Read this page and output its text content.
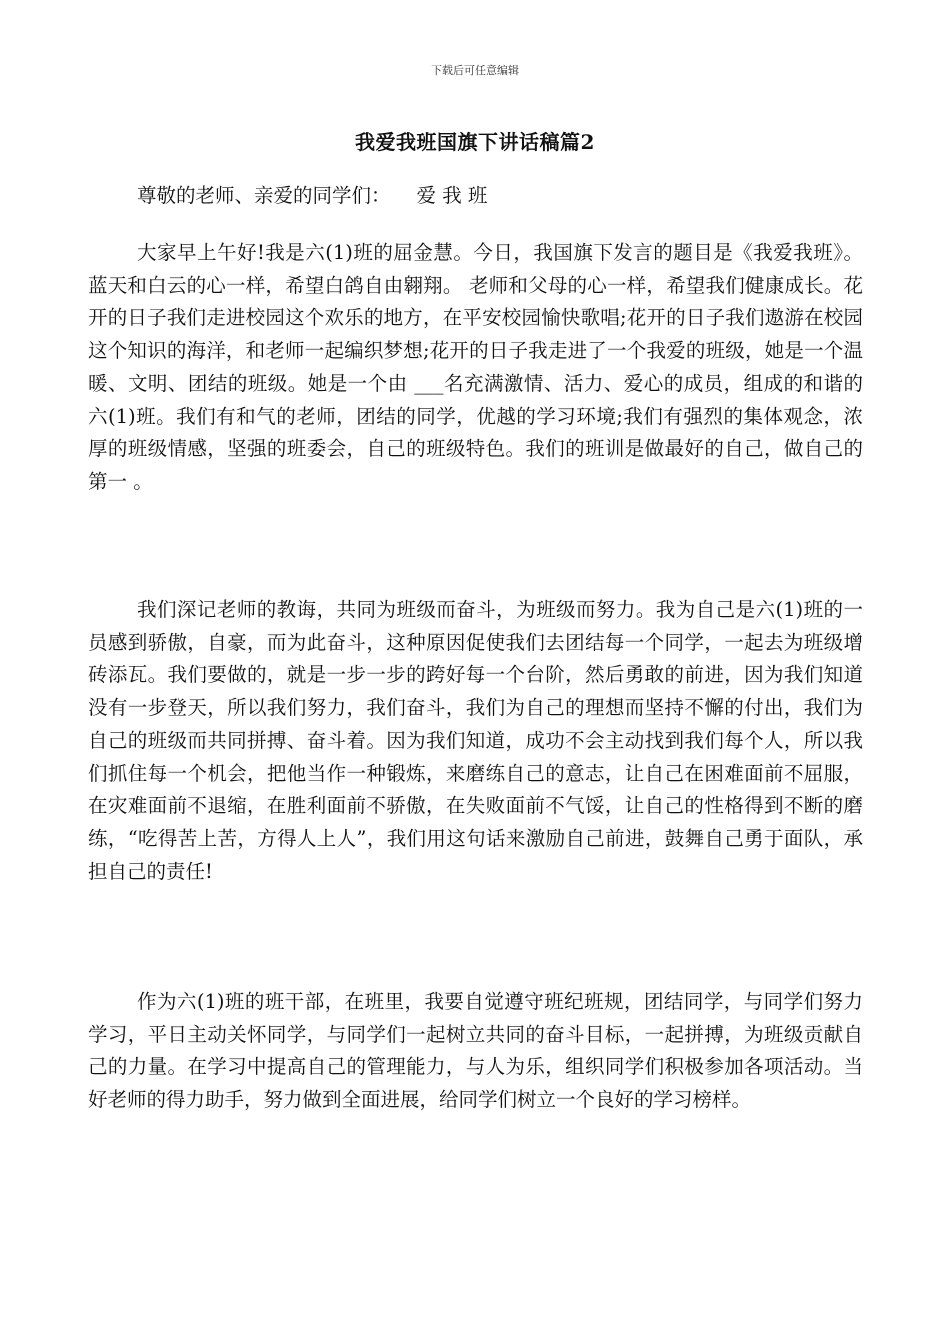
下载后可任意编辑
我爱我班国旗下讲话稿篇2
尊敬的老师、亲爱的同学们： 爱 我 班

大家早上午好!我是六(1)班的屈金慧。今日，我国旗下发言的题目是《我爱我班》。 蓝天和白云的心一样，希望白鸽自由翱翔。 老师和父母的心一样，希望我们健康成长。花开的日子我们走进校园这个欢乐的地方，在平安校园愉快歌唱;花开的日子我们遨游在校园这个知识的海洋，和老师一起编织梦想;花开的日子我走进了一个我爱的班级，她是一个温暖、文明、团结的班级。她是一个由 ___名充满激情、活力、爱心的成员，组成的和谐的六(1)班。我们有和气的老师，团结的同学，优越的学习环境;我们有强烈的集体观念，浓厚的班级情感，坚强的班委会，自己的班级特色。我们的班训是做最好的自己，做自己的第一 。

我们深记老师的教诲，共同为班级而奋斗，为班级而努力。我为自己是六(1)班的一员感到骄傲，自豪，而为此奋斗，这种原因促使我们去团结每一个同学，一起去为班级增砖添瓦。我们要做的，就是一步一步的跨好每一个台阶，然后勇敢的前进，因为我们知道没有一步登天，所以我们努力，我们奋斗，我们为自己的理想而坚持不懈的付出，我们为自己的班级而共同拼搏、奋斗着。因为我们知道，成功不会主动找到我们每个人，所以我们抓住每一个机会，把他当作一种锻炼，来磨练自己的意志，让自己在困难面前不屈服，在灾难面前不退缩，在胜利面前不骄傲，在失败面前不气馁，让自己的性格得到不断的磨练，“吃得苦上苦，方得人上人”，我们用这句话来激励自己前进，鼓舞自己勇于面队，承担自己的责任!

作为六(1)班的班干部，在班里，我要自觉遵守班纪班规，团结同学，与同学们努力学习，平日主动关怀同学，与同学们一起树立共同的奋斗目标，一起拼搏，为班级贡献自己的力量。在学习中提高自己的管理能力，与人为乐，组织同学们积极参加各项活动。当好老师的得力助手，努力做到全面进展，给同学们树立一个良好的学习榜样。
